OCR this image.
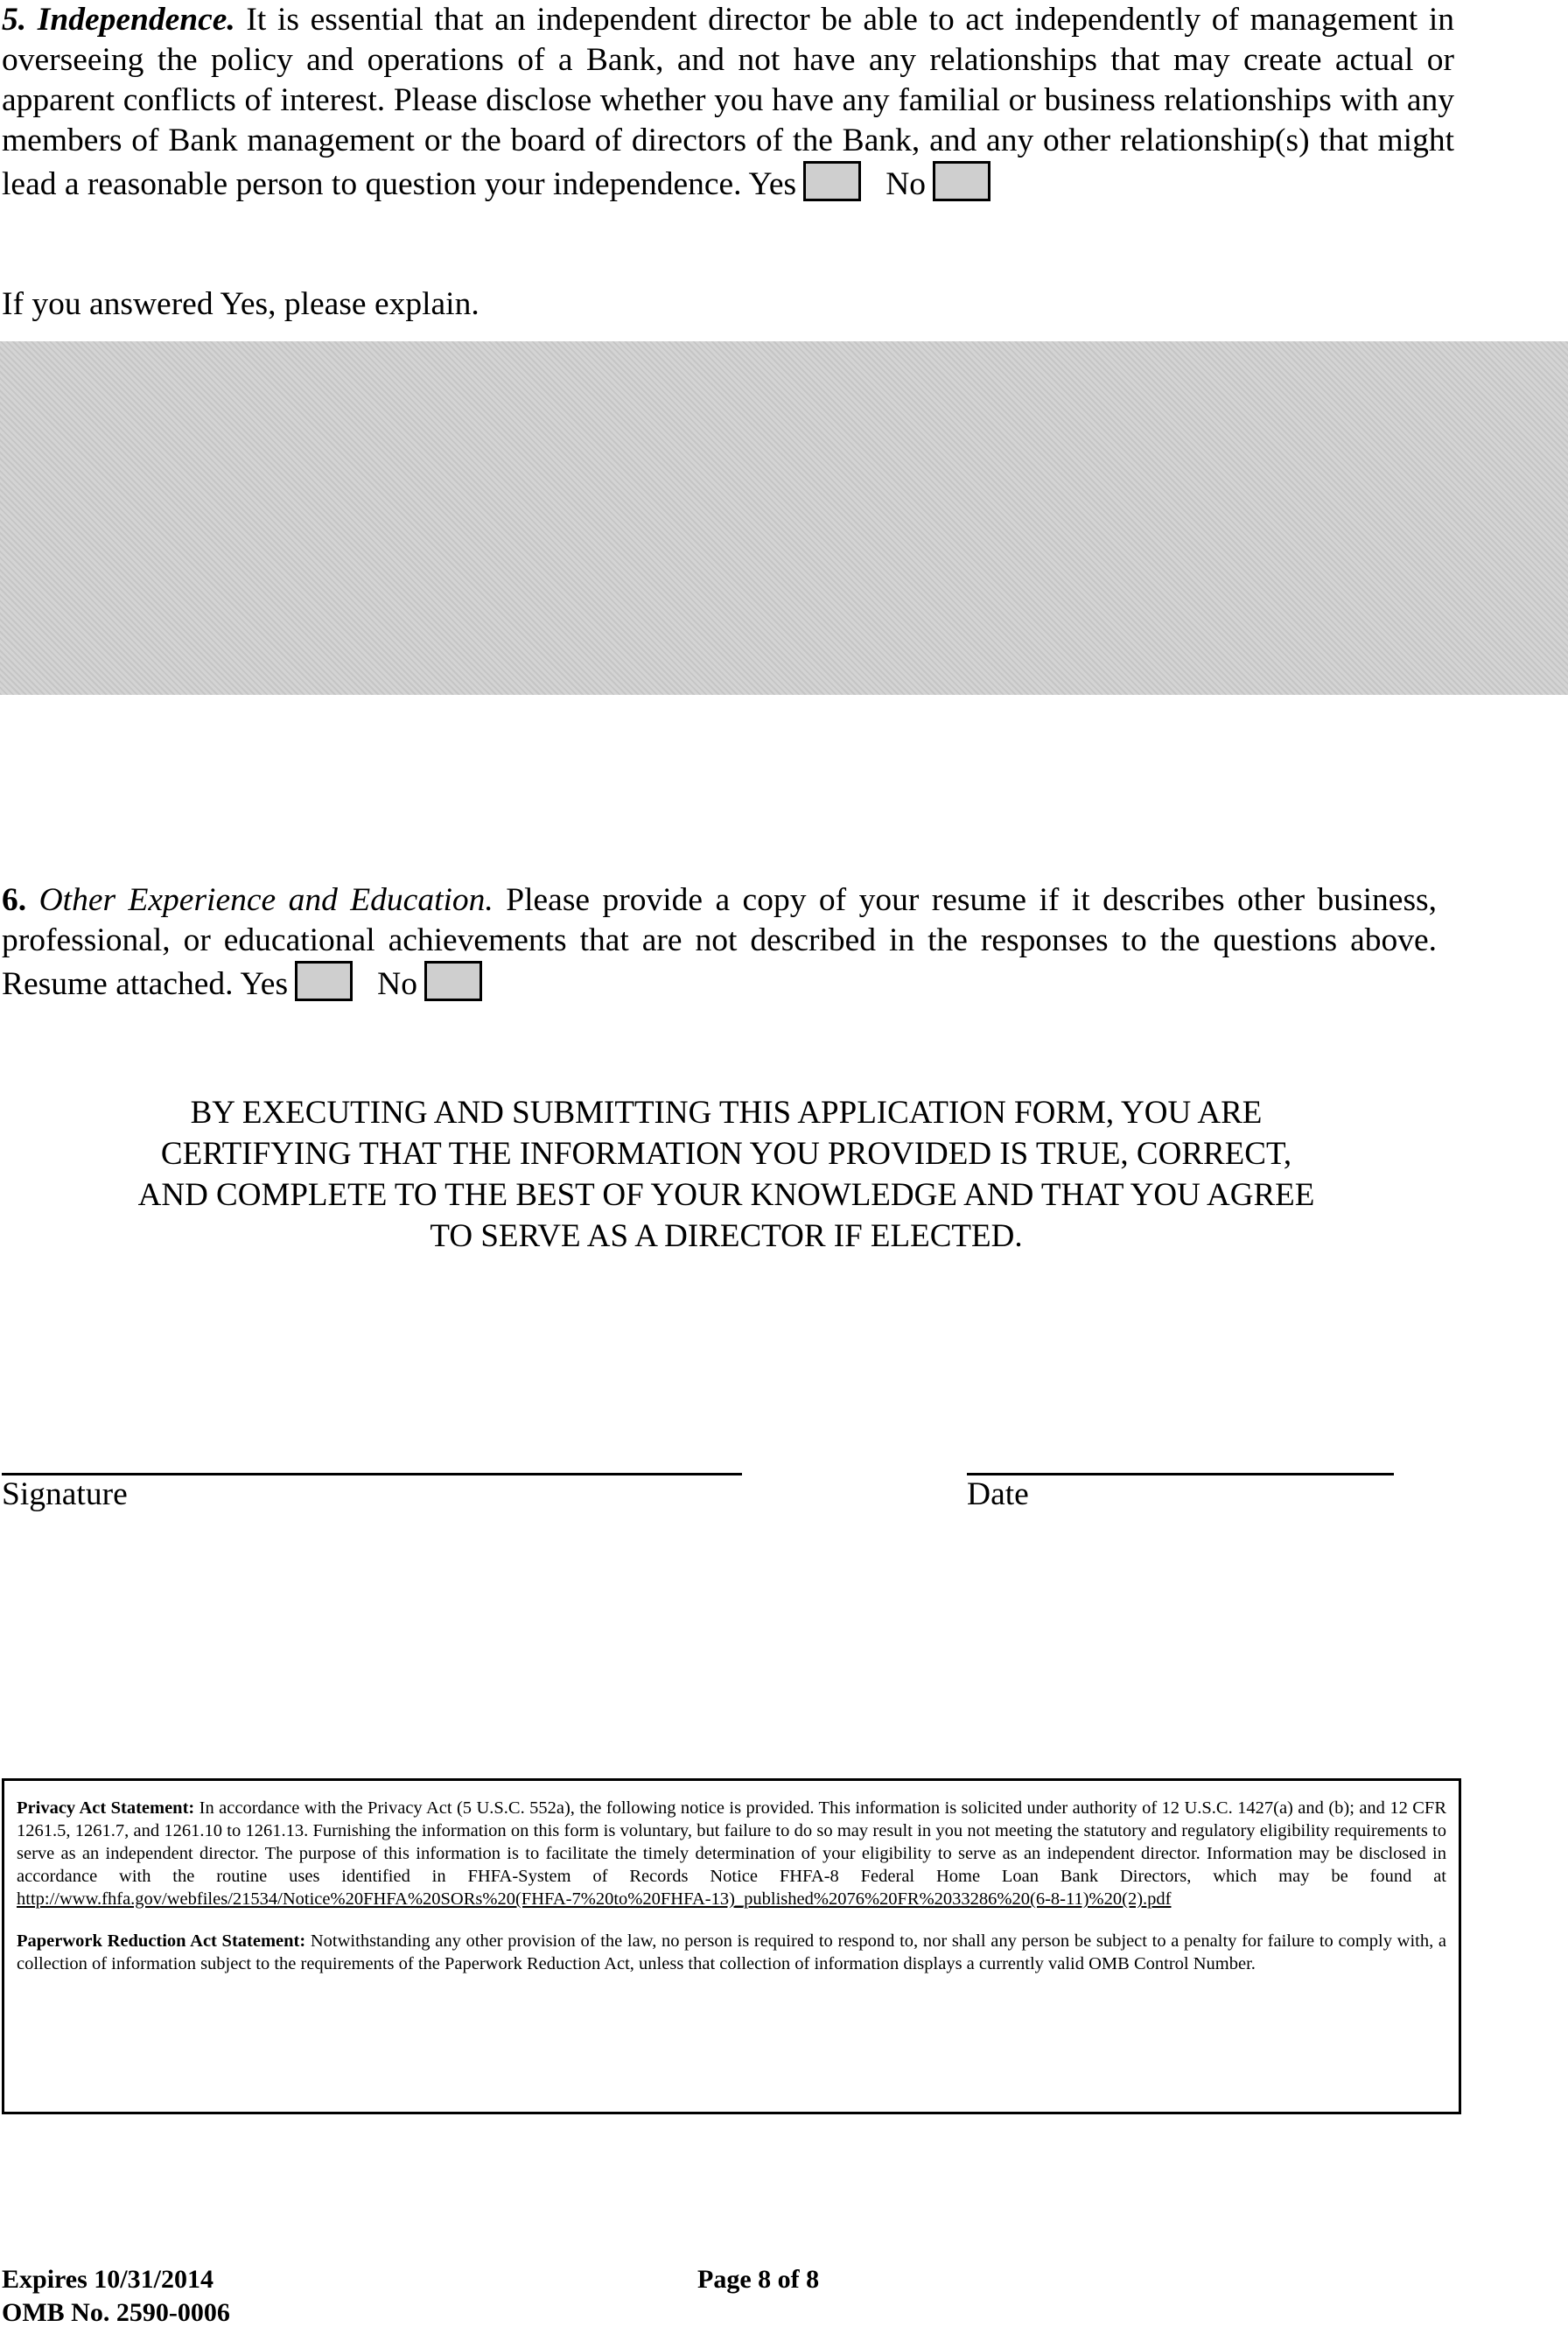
5. Independence. It is essential that an independent director be able to act independently of management in overseeing the policy and operations of a Bank, and not have any relationships that may create actual or apparent conflicts of interest. Please disclose whether you have any familial or business relationships with any members of Bank management or the board of directors of the Bank, and any other relationship(s) that might lead a reasonable person to question your independence. Yes	No
If you answered Yes, please explain.
6. Other Experience and Education. Please provide a copy of your resume if it describes other business, professional, or educational achievements that are not described in the responses to the questions above. Resume attached. Yes	No
BY EXECUTING AND SUBMITTING THIS APPLICATION FORM, YOU ARE
CERTIFYING THAT THE INFORMATION YOU PROVIDED IS TRUE, CORRECT,
AND COMPLETE TO THE BEST OF YOUR KNOWLEDGE AND THAT YOU AGREE
TO SERVE AS A DIRECTOR IF ELECTED.
Signature	Date

Privacy Act Statement: In accordance with the Privacy Act (5 U.S.C. 552a), the following notice is provided. This information is solicited under authority of 12 U.S.C. 1427(a) and (b); and 12 CFR 1261.5, 1261.7, and 1261.10 to 1261.13. Furnishing the information on this form is voluntary, but failure to do so may result in you not meeting the statutory and regulatory eligibility requirements to serve as an independent director. The purpose of this information is to facilitate the timely determination of your eligibility to serve as an independent director. Information may be disclosed in accordance with the routine uses identified in FHFA-System of Records Notice FHFA-8 Federal Home Loan Bank Directors, which may be found at http://www.fhfa.gov/webfiles/21534/Notice%20FHFA%20SORs%20(FHFA-7%20to%20FHFA-13)_published%2076%20FR%2033286%20(6-8-11)%20(2).pdf

Paperwork Reduction Act Statement: Notwithstanding any other provision of the law, no person is required to respond to, nor shall any person be subject to a penalty for failure to comply with, a collection of information subject to the requirements of the Paperwork Reduction Act, unless that collection of information displays a currently valid OMB Control Number.

Expires 10/31/2014
OMB No. 2590-0006
Page 8 of 8
